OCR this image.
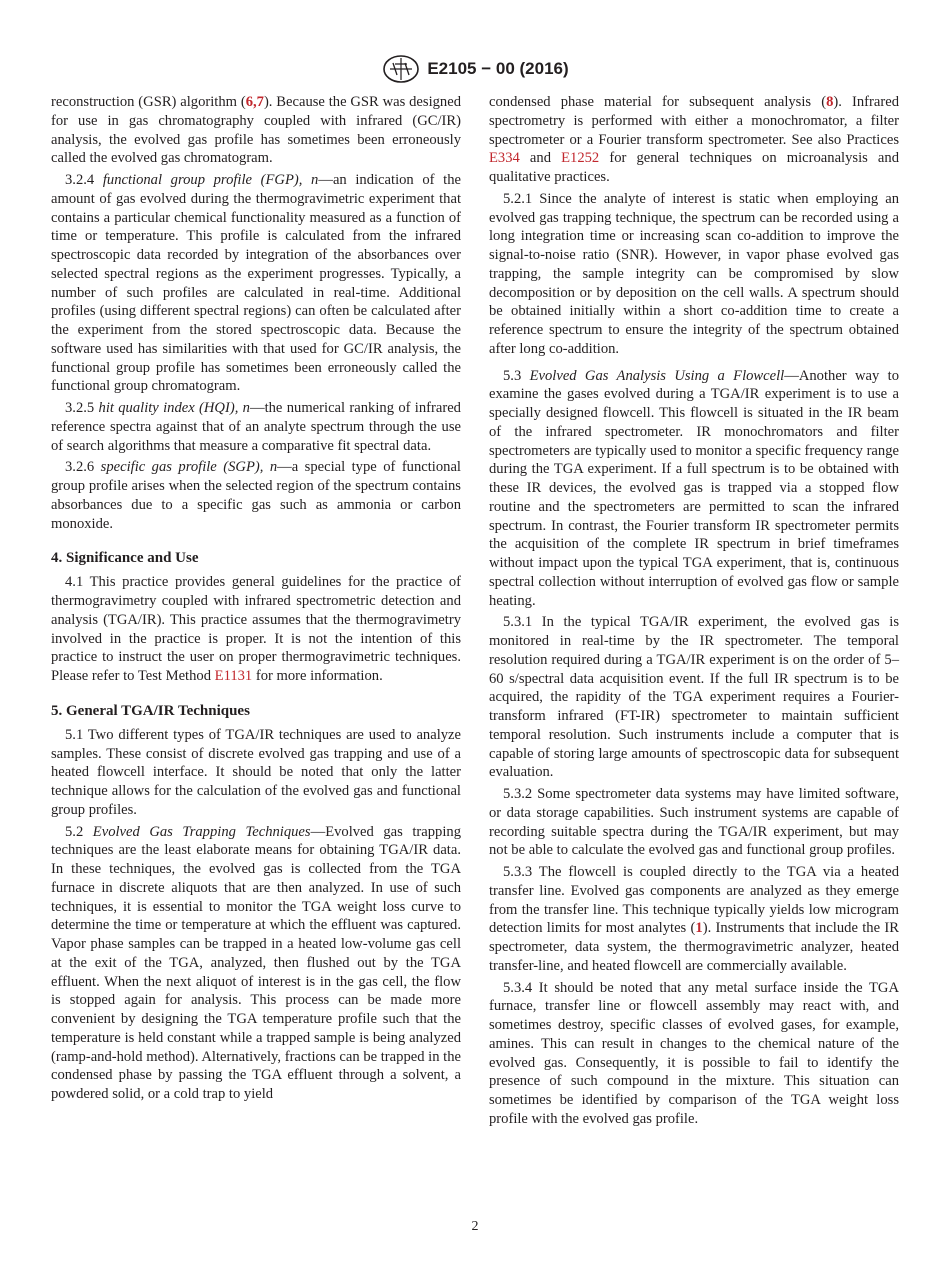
E2105 − 00 (2016)

reconstruction (GSR) algorithm (6,7). Because the GSR was designed for use in gas chromatography coupled with infrared (GC/IR) analysis, the evolved gas profile has sometimes been erroneously called the evolved gas chromatogram.

3.2.4 functional group profile (FGP), n—an indication of the amount of gas evolved during the thermogravimetric experiment that contains a particular chemical functionality measured as a function of time or temperature. This profile is calculated from the infrared spectroscopic data recorded by integration of the absorbances over selected spectral regions as the experiment progresses. Typically, a number of such profiles are calculated in real-time. Additional profiles (using different spectral regions) can often be calculated after the experiment from the stored spectroscopic data. Because the software used has similarities with that used for GC/IR analysis, the functional group profile has sometimes been erroneously called the functional group chromatogram.

3.2.5 hit quality index (HQI), n—the numerical ranking of infrared reference spectra against that of an analyte spectrum through the use of search algorithms that measure a comparative fit spectral data.

3.2.6 specific gas profile (SGP), n—a special type of functional group profile arises when the selected region of the spectrum contains absorbances due to a specific gas such as ammonia or carbon monoxide.

4. Significance and Use

4.1 This practice provides general guidelines for the practice of thermogravimetry coupled with infrared spectrometric detection and analysis (TGA/IR). This practice assumes that the thermogravimetry involved in the practice is proper. It is not the intention of this practice to instruct the user on proper thermogravimetric techniques. Please refer to Test Method E1131 for more information.

5. General TGA/IR Techniques

5.1 Two different types of TGA/IR techniques are used to analyze samples. These consist of discrete evolved gas trapping and use of a heated flowcell interface. It should be noted that only the latter technique allows for the calculation of the evolved gas and functional group profiles.

5.2 Evolved Gas Trapping Techniques—Evolved gas trapping techniques are the least elaborate means for obtaining TGA/IR data. In these techniques, the evolved gas is collected from the TGA furnace in discrete aliquots that are then analyzed. In use of such techniques, it is essential to monitor the TGA weight loss curve to determine the time or temperature at which the effluent was captured. Vapor phase samples can be trapped in a heated low-volume gas cell at the exit of the TGA, analyzed, then flushed out by the TGA effluent. When the next aliquot of interest is in the gas cell, the flow is stopped again for analysis. This process can be made more convenient by designing the TGA temperature profile such that the temperature is held constant while a trapped sample is being analyzed (ramp-and-hold method). Alternatively, fractions can be trapped in the condensed phase by passing the TGA effluent through a solvent, a powdered solid, or a cold trap to yield

condensed phase material for subsequent analysis (8). Infrared spectrometry is performed with either a monochromator, a filter spectrometer or a Fourier transform spectrometer. See also Practices E334 and E1252 for general techniques on microanalysis and qualitative practices.

5.2.1 Since the analyte of interest is static when employing an evolved gas trapping technique, the spectrum can be recorded using a long integration time or increasing scan co-addition to improve the signal-to-noise ratio (SNR). However, in vapor phase evolved gas trapping, the sample integrity can be compromised by slow decomposition or by deposition on the cell walls. A spectrum should be obtained initially within a short co-addition time to create a reference spectrum to ensure the integrity of the spectrum obtained after long co-addition.

5.3 Evolved Gas Analysis Using a Flowcell—Another way to examine the gases evolved during a TGA/IR experiment is to use a specially designed flowcell. This flowcell is situated in the IR beam of the infrared spectrometer. IR monochromators and filter spectrometers are typically used to monitor a specific frequency range during the TGA experiment. If a full spectrum is to be obtained with these IR devices, the evolved gas is trapped via a stopped flow routine and the spectrometers are permitted to scan the infrared spectrum. In contrast, the Fourier transform IR spectrometer permits the acquisition of the complete IR spectrum in brief timeframes without impact upon the typical TGA experiment, that is, continuous spectral collection without interruption of evolved gas flow or sample heating.

5.3.1 In the typical TGA/IR experiment, the evolved gas is monitored in real-time by the IR spectrometer. The temporal resolution required during a TGA/IR experiment is on the order of 5–60 s/spectral data acquisition event. If the full IR spectrum is to be acquired, the rapidity of the TGA experiment requires a Fourier-transform infrared (FT-IR) spectrometer to maintain sufficient temporal resolution. Such instruments include a computer that is capable of storing large amounts of spectroscopic data for subsequent evaluation.

5.3.2 Some spectrometer data systems may have limited software, or data storage capabilities. Such instrument systems are capable of recording suitable spectra during the TGA/IR experiment, but may not be able to calculate the evolved gas and functional group profiles.

5.3.3 The flowcell is coupled directly to the TGA via a heated transfer line. Evolved gas components are analyzed as they emerge from the transfer line. This technique typically yields low microgram detection limits for most analytes (1). Instruments that include the IR spectrometer, data system, the thermogravimetric analyzer, heated transfer-line, and heated flowcell are commercially available.

5.3.4 It should be noted that any metal surface inside the TGA furnace, transfer line or flowcell assembly may react with, and sometimes destroy, specific classes of evolved gases, for example, amines. This can result in changes to the chemical nature of the evolved gas. Consequently, it is possible to fail to identify the presence of such compound in the mixture. This situation can sometimes be identified by comparison of the TGA weight loss profile with the evolved gas profile.

2
